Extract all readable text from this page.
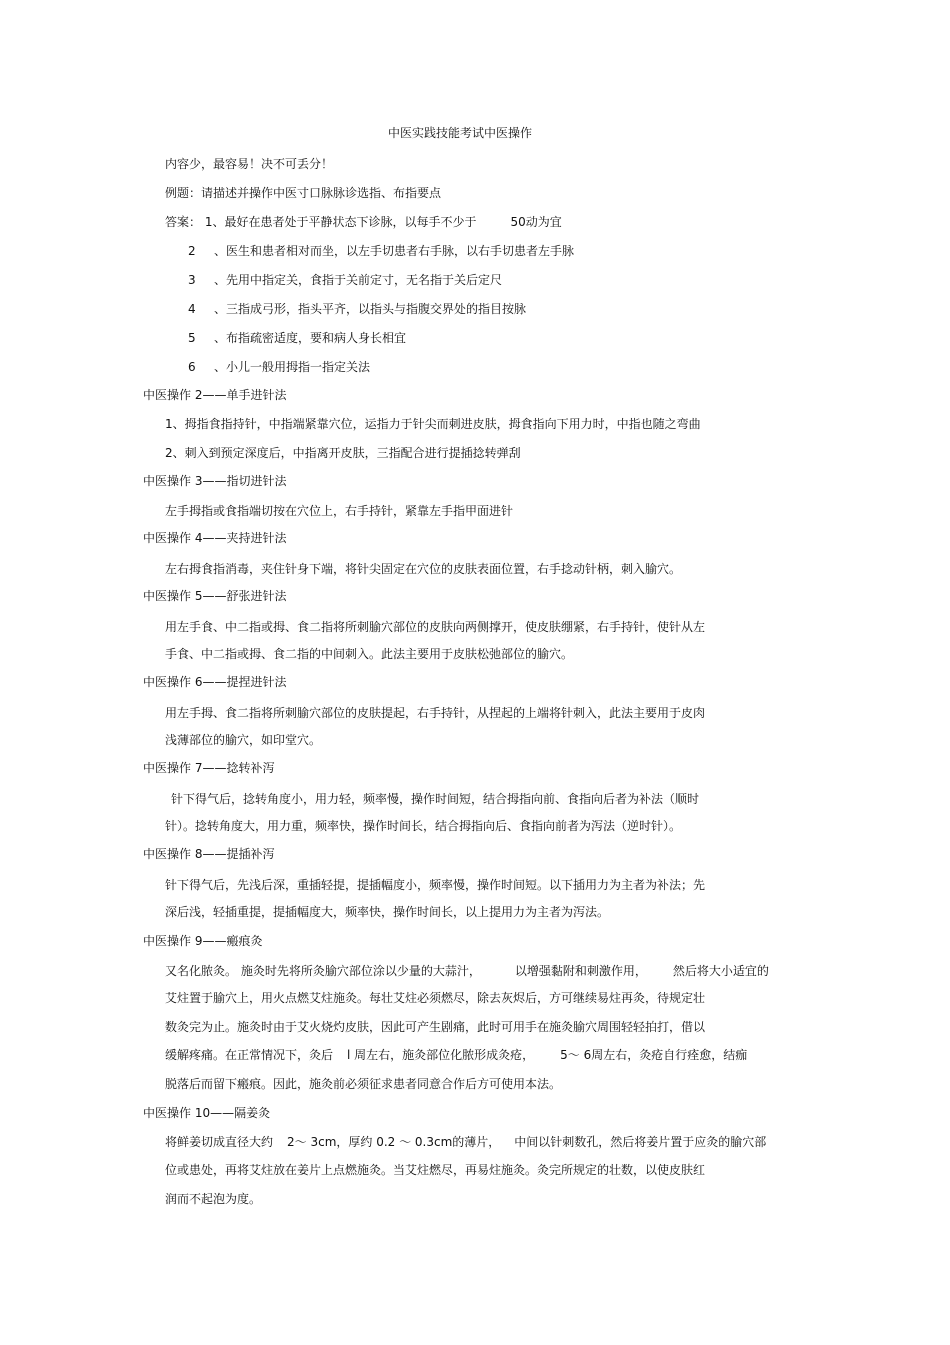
中医实践技能考试中医操作
内容少，最容易！决不可丢分！
例题：请描述并操作中医寸口脉脉诊选指、布指要点
答案： 1、最好在患者处于平静状态下诊脉，以每手不少于	50动为宜
2 、医生和患者相对而坐，以左手切患者右手脉，以右手切患者左手脉
3 、先用中指定关，食指于关前定寸，无名指于关后定尺
4 、三指成弓形，指头平齐，以指头与指腹交界处的指目按脉
5 、布指疏密适度，要和病人身长相宜
6 、小儿一般用拇指一指定关法
中医操作 2——单手进针法
1、拇指食指持针，中指端紧靠穴位，运指力于针尖而刺进皮肤，拇食指向下用力时，中指也随之弯曲
2、刺入到预定深度后，中指离开皮肤，三指配合进行提插捻转弹刮
中医操作 3——指切进针法
左手拇指或食指端切按在穴位上，右手持针，紧靠左手指甲面进针
中医操作 4——夹持进针法
左右拇食指消毒，夹住针身下端，将针尖固定在穴位的皮肤表面位置，右手捻动针柄，刺入腧穴。
中医操作 5——舒张进针法
用左手食、中二指或拇、食二指将所刺腧穴部位的皮肤向两侧撑开，使皮肤绷紧，右手持针，使针从左
手食、中二指或拇、食二指的中间刺入。此法主要用于皮肤松弛部位的腧穴。
中医操作 6——提捏进针法
用左手拇、食二指将所刺腧穴部位的皮肤提起，右手持针，从捏起的上端将针刺入，此法主要用于皮肉
浅薄部位的腧穴，如印堂穴。
中医操作 7——捻转补泻
针下得气后，捻转角度小，用力轻，频率慢，操作时间短，结合拇指向前、食指向后者为补法（顺时
针）。捻转角度大，用力重，频率快，操作时间长，结合拇指向后、食指向前者为泻法（逆时针）。
中医操作 8——提插补泻
针下得气后，先浅后深，重插轻提，提插幅度小，频率慢，操作时间短。以下插用力为主者为补法；先
深后浅，轻插重提，提插幅度大，频率快，操作时间长，以上提用力为主者为泻法。
中医操作 9——瘢痕灸
又名化脓灸。 施灸时先将所灸腧穴部位涂以少量的大蒜汁，	以增强黏附和刺激作用， 然后将大小适宜的
艾炷置于腧穴上，用火点燃艾炷施灸。每壮艾炷必须燃尽，除去灰烬后，方可继续易炷再灸，待规定壮
数灸完为止。施灸时由于艾火烧灼皮肤，因此可产生剧痛，此时可用手在施灸腧穴周围轻轻拍打，借以
缓解疼痛。在正常情况下，灸后 l 周左右，施灸部位化脓形成灸疮， 5～ 6周左右，灸疮自行痊愈，结痂
脱落后而留下瘢痕。因此，施灸前必须征求患者同意合作后方可使用本法。
中医操作 10——隔姜灸
将鲜姜切成直径大约 2～ 3cm，厚约 0.2 ～ 0.3cm的薄片， 中间以针刺数孔，然后将姜片置于应灸的腧穴部
位或患处，再将艾炷放在姜片上点燃施灸。当艾炷燃尽，再易炷施灸。灸完所规定的壮数，以使皮肤红
润而不起泡为度。
